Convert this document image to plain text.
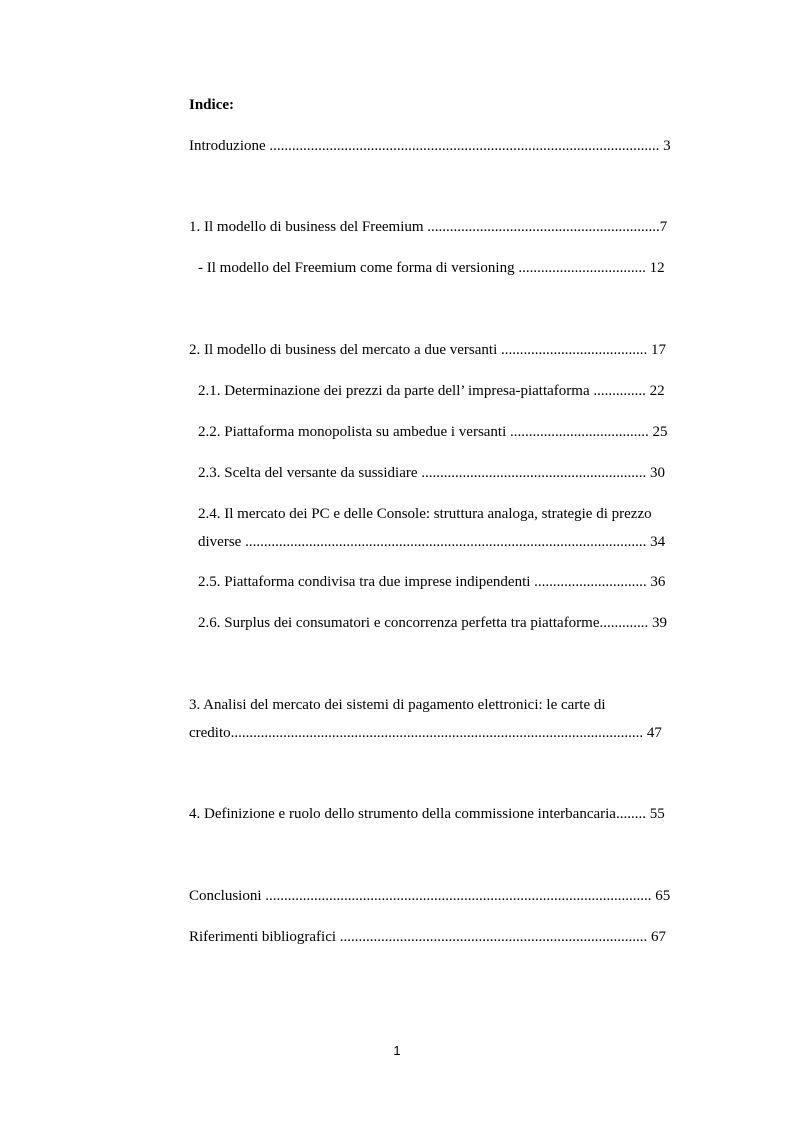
Indice:
Introduzione ........................................................................................................ 3
1. Il modello di business del Freemium ..............................................................7
- Il modello del Freemium come forma di versioning .................................. 12
2. Il modello di business del mercato a due versanti ....................................... 17
2.1. Determinazione dei prezzi da parte dell’ impresa-piattaforma .............. 22
2.2. Piattaforma monopolista su ambedue i versanti ..................................... 25
2.3. Scelta del versante da sussidiare ............................................................ 30
2.4. Il mercato dei PC e delle Console: struttura analoga, strategie di prezzo
diverse ........................................................................................................... 34
2.5. Piattaforma condivisa tra due imprese indipendenti .............................. 36
2.6. Surplus dei consumatori e concorrenza perfetta tra piattaforme............. 39
3. Analisi del mercato dei sistemi di pagamento elettronici: le carte di
credito.............................................................................................................. 47
4. Definizione e ruolo dello strumento della commissione interbancaria........ 55
Conclusioni ....................................................................................................... 65
Riferimenti bibliografici .................................................................................. 67
1
